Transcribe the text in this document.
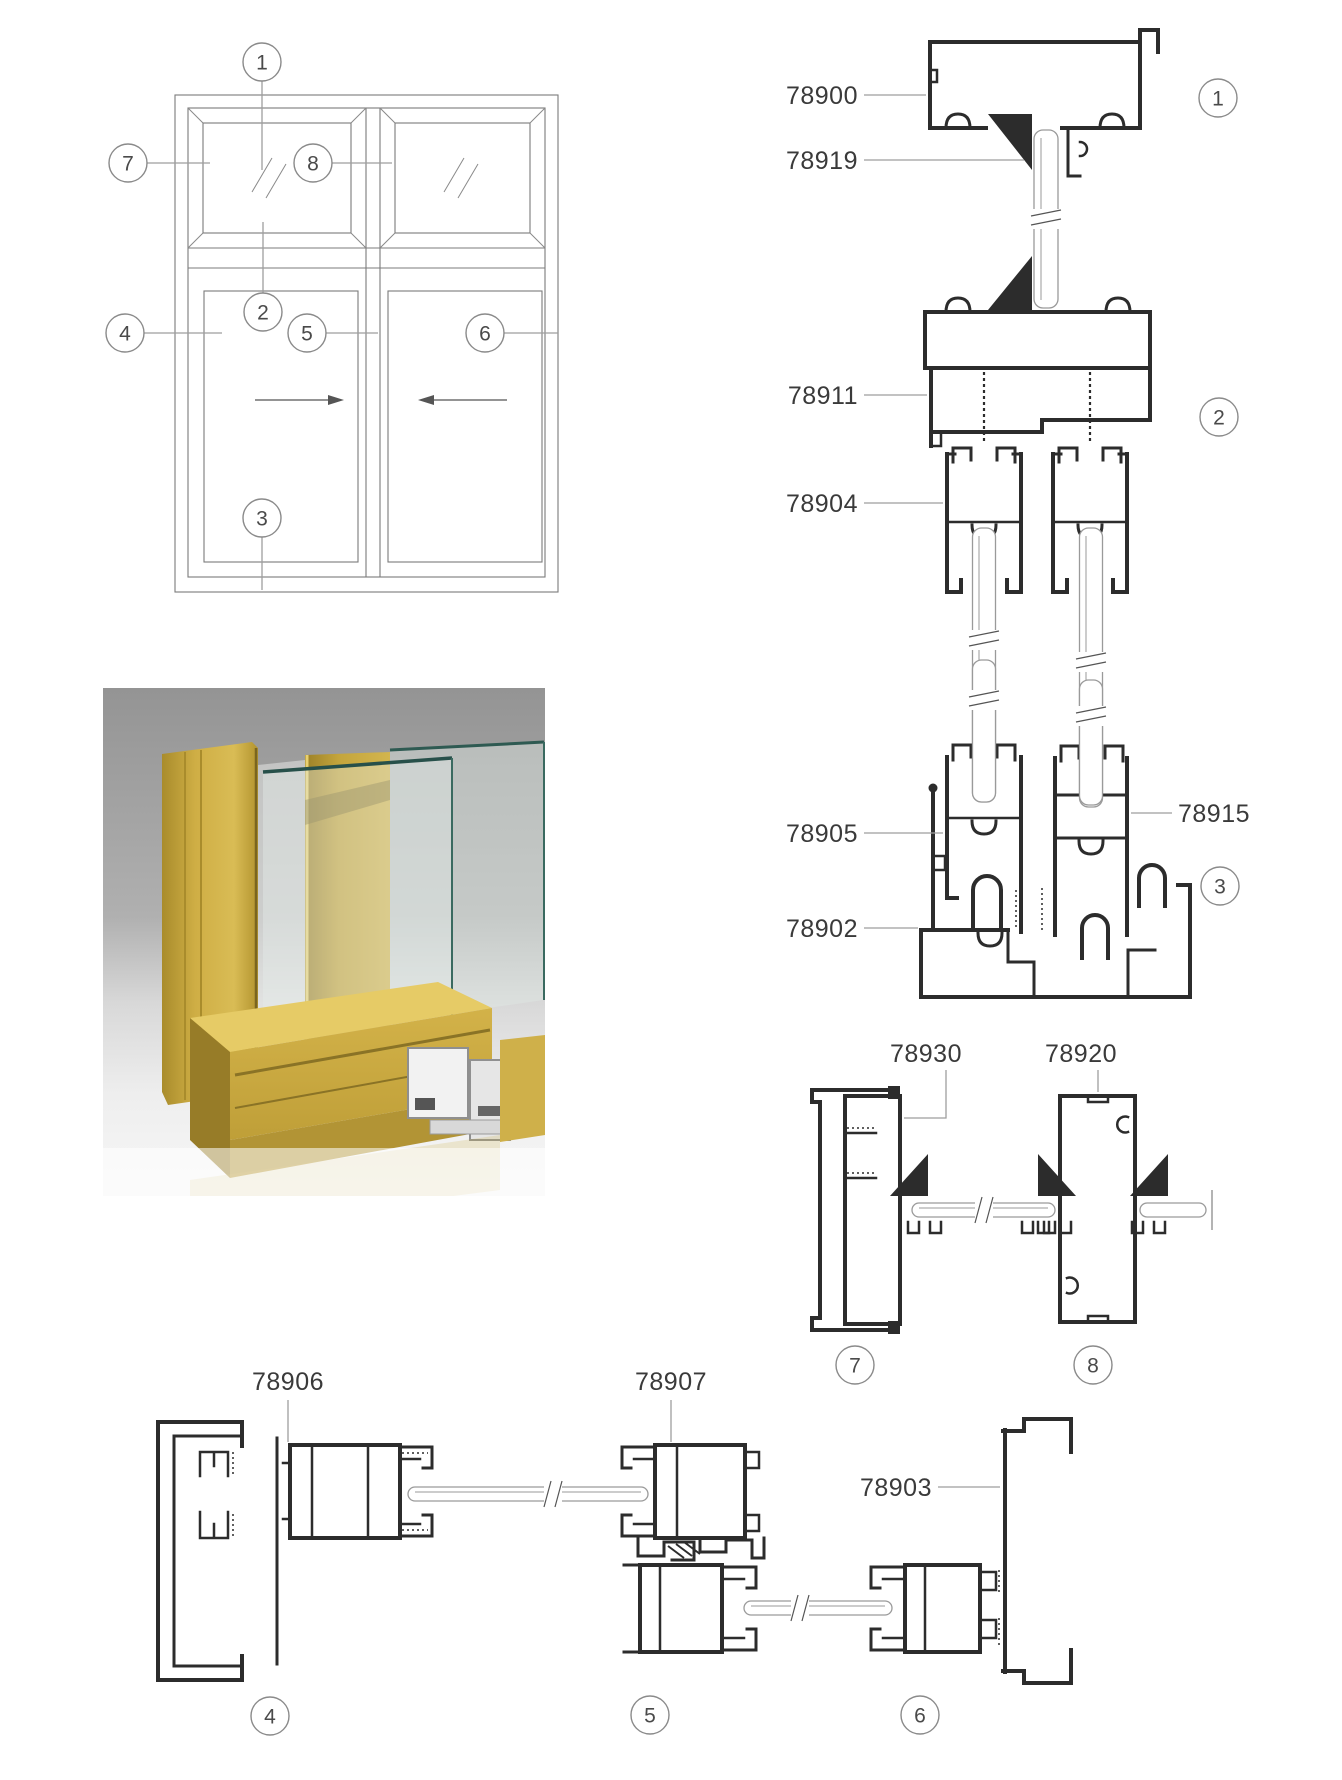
1
7	8
2
4	5	6
3
78900
78919
78911
78904
78905
78902
78915
1
2
3
78930	78920
7	8
78906	78907
78903
4	5	6
